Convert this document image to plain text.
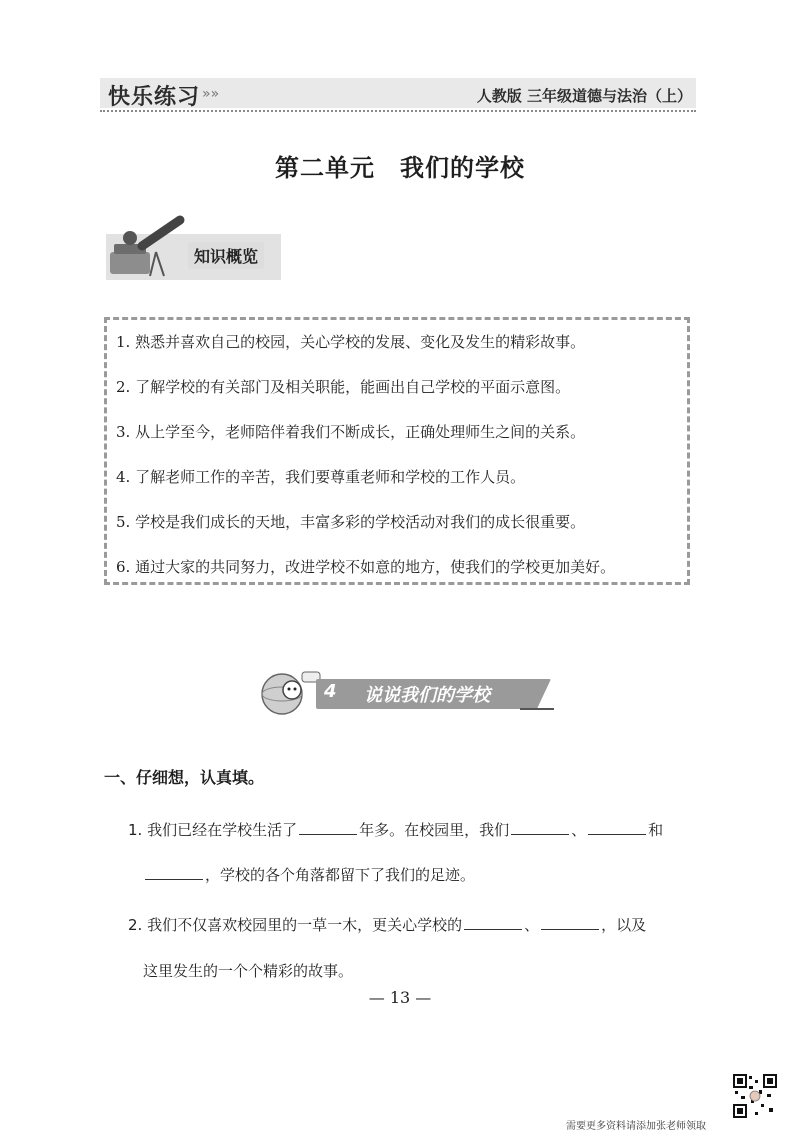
快乐练习 »»	人教版 三年级道德与法治（上）
第二单元　我们的学校
知识概览
1. 熟悉并喜欢自己的校园，关心学校的发展、变化及发生的精彩故事。
2. 了解学校的有关部门及相关职能，能画出自己学校的平面示意图。
3. 从上学至今，老师陪伴着我们不断成长，正确处理师生之间的关系。
4. 了解老师工作的辛苦，我们要尊重老师和学校的工作人员。
5. 学校是我们成长的天地，丰富多彩的学校活动对我们的成长很重要。
6. 通过大家的共同努力，改进学校不如意的地方，使我们的学校更加美好。
4 说说我们的学校
一、仔细想，认真填。
1. 我们已经在学校生活了	年多。在校园里，我们	、	和
，学校的各个角落都留下了我们的足迹。
2. 我们不仅喜欢校园里的一草一木，更关心学校的	、	，以及
这里发生的一个个精彩的故事。
— 13 —
需要更多资料请添加张老师领取
